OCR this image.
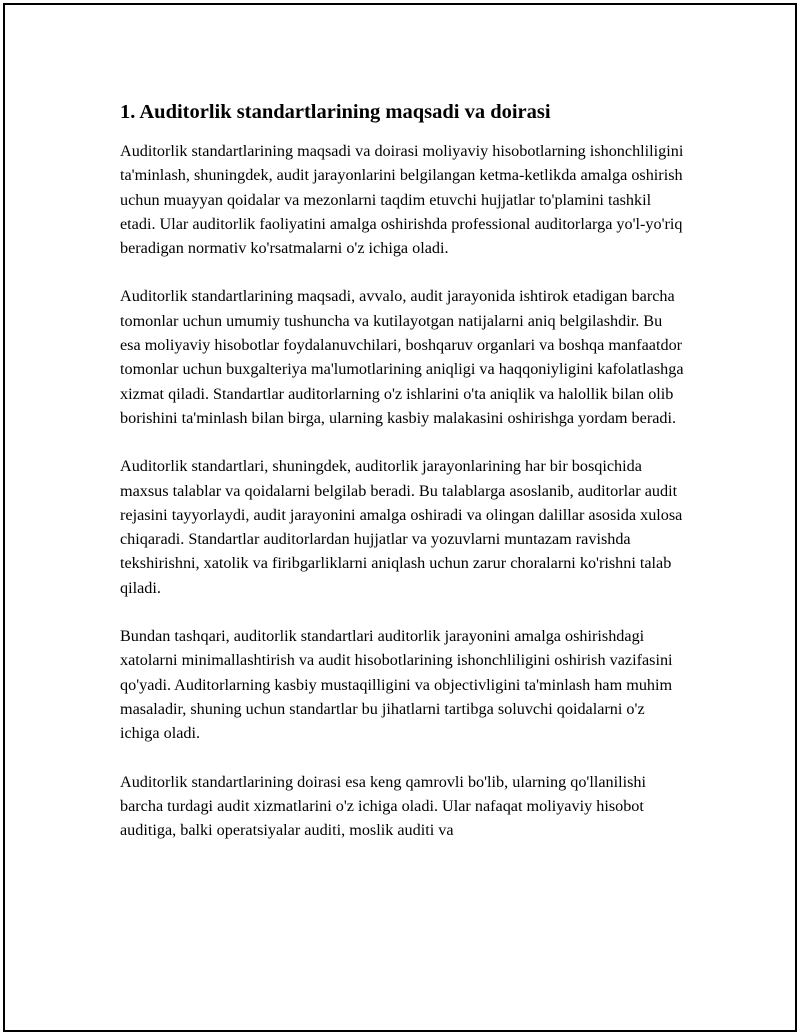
1. Auditorlik standartlarining maqsadi va doirasi

Auditorlik standartlarining maqsadi va doirasi moliyaviy hisobotlarning ishonchliligini ta'minlash, shuningdek, audit jarayonlarini belgilangan ketma-ketlikda amalga oshirish uchun muayyan qoidalar va mezonlarni taqdim etuvchi hujjatlar to'plamini tashkil etadi. Ular auditorlik faoliyatini amalga oshirishda professional auditorlarga yo'l-yo'riq beradigan normativ ko'rsatmalarni o'z ichiga oladi.

Auditorlik standartlarining maqsadi, avvalo, audit jarayonida ishtirok etadigan barcha tomonlar uchun umumiy tushuncha va kutilayotgan natijalarni aniq belgilashdir. Bu esa moliyaviy hisobotlar foydalanuvchilari, boshqaruv organlari va boshqa manfaatdor tomonlar uchun buxgalteriya ma'lumotlarining aniqligi va haqqoniyligini kafolatlashga xizmat qiladi. Standartlar auditorlarning o'z ishlarini o'ta aniqlik va halollik bilan olib borishini ta'minlash bilan birga, ularning kasbiy malakasini oshirishga yordam beradi.

Auditorlik standartlari, shuningdek, auditorlik jarayonlarining har bir bosqichida maxsus talablar va qoidalarni belgilab beradi. Bu talablarga asoslanib, auditorlar audit rejasini tayyorlaydi, audit jarayonini amalga oshiradi va olingan dalillar asosida xulosa chiqaradi. Standartlar auditorlardan hujjatlar va yozuvlarni muntazam ravishda tekshirishni, xatolik va firibgarliklarni aniqlash uchun zarur choralarni ko'rishni talab qiladi.

Bundan tashqari, auditorlik standartlari auditorlik jarayonini amalga oshirishdagi xatolarni minimallashtirish va audit hisobotlarining ishonchliligini oshirish vazifasini qo'yadi. Auditorlarning kasbiy mustaqilligini va objectivligini ta'minlash ham muhim masaladir, shuning uchun standartlar bu jihatlarni tartibga soluvchi qoidalarni o'z ichiga oladi.

Auditorlik standartlarining doirasi esa keng qamrovli bo'lib, ularning qo'llanilishi barcha turdagi audit xizmatlarini o'z ichiga oladi. Ular nafaqat moliyaviy hisobot auditiga, balki operatsiyalar auditi, moslik auditi va
